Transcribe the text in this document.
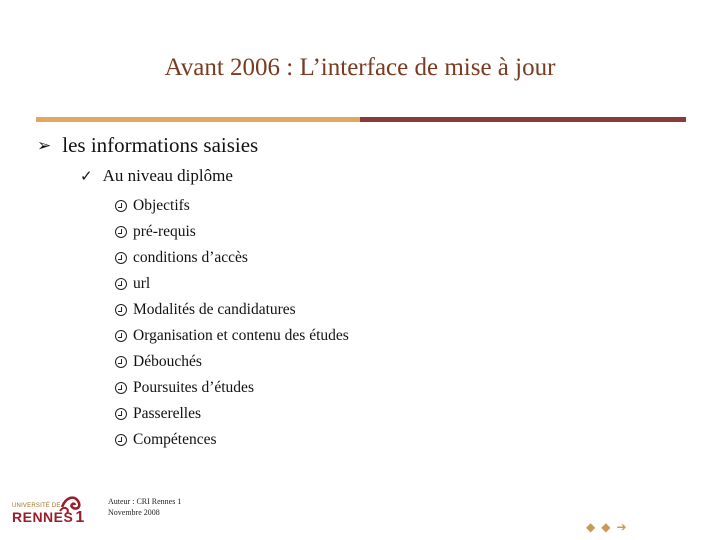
Avant 2006 : L’interface de mise à jour
➢ les informations saisies
✓ Au niveau diplôme
Objectifs
pré-requis
conditions d’accès
url
Modalités de candidatures
Organisation et contenu des études
Débouchés
Poursuites d’études
Passerelles
Compétences
UNIVERSITÉ DE
RENNES 1
Auteur : CRI Rennes 1
Novembre 2008
◆ ◆ ➔
